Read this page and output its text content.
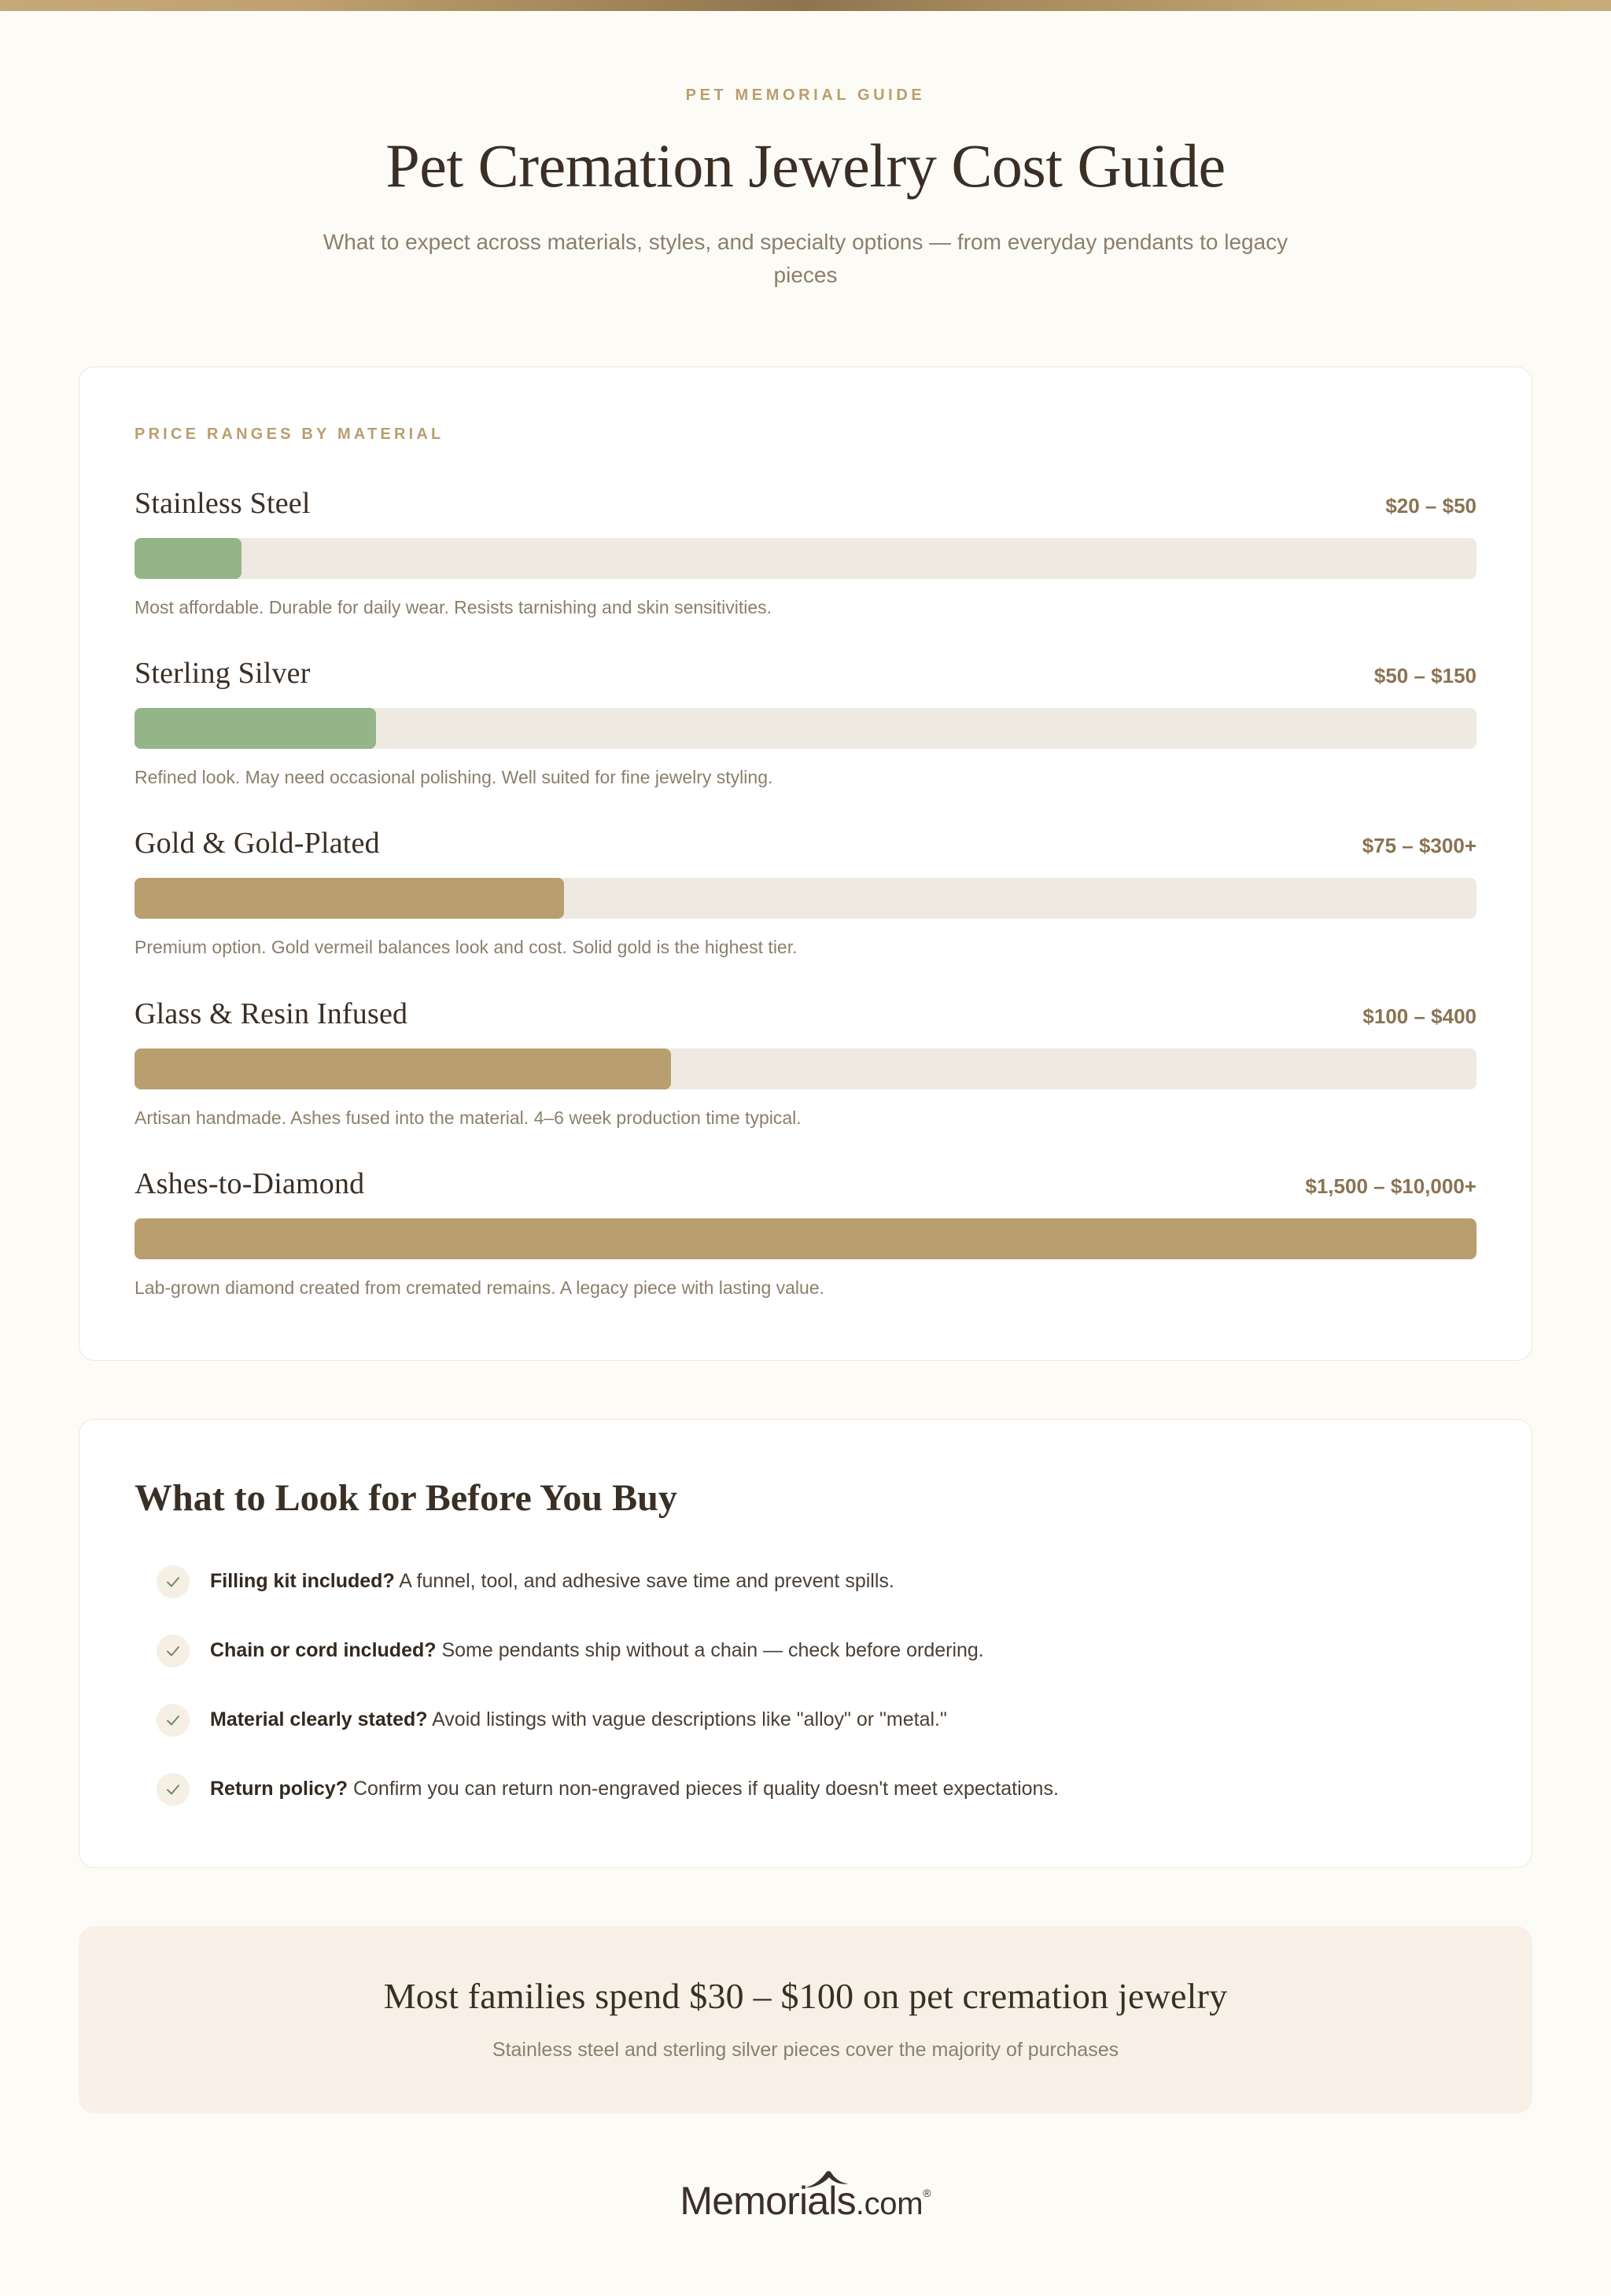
PET MEMORIAL GUIDE
Pet Cremation Jewelry Cost Guide

What to expect across materials, styles, and specialty options — from everyday pendants to legacy pieces

PRICE RANGES BY MATERIAL
Stainless Steel	$20 – $50
Most affordable. Durable for daily wear. Resists tarnishing and skin sensitivities.
Sterling Silver	$50 – $150
Refined look. May need occasional polishing. Well suited for fine jewelry styling.
Gold & Gold-Plated	$75 – $300+
Premium option. Gold vermeil balances look and cost. Solid gold is the highest tier.
Glass & Resin Infused	$100 – $400
Artisan handmade. Ashes fused into the material. 4–6 week production time typical.
Ashes-to-Diamond	$1,500 – $10,000+
Lab-grown diamond created from cremated remains. A legacy piece with lasting value.
What to Look for Before You Buy
Filling kit included? A funnel, tool, and adhesive save time and prevent spills.
Chain or cord included? Some pendants ship without a chain — check before ordering.
Material clearly stated? Avoid listings with vague descriptions like "alloy" or "metal."
Return policy? Confirm you can return non-engraved pieces if quality doesn't meet expectations.
Most families spend $30 – $100 on pet cremation jewelry
Stainless steel and sterling silver pieces cover the majority of purchases
Memorials .com ®
